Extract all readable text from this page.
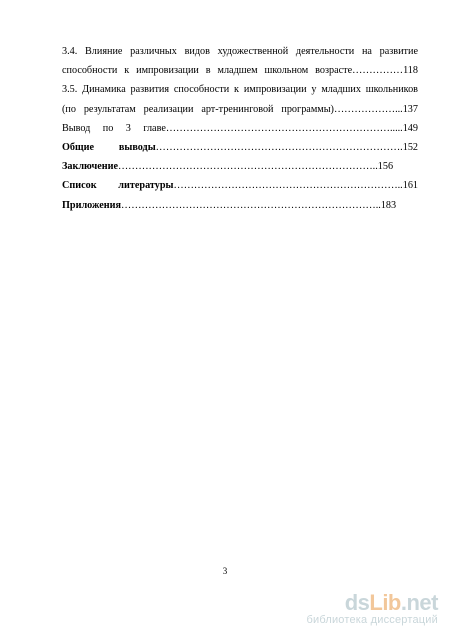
3.4. Влияние различных видов художественной деятельности на развитие
способности к импровизации в младшем школьном возрасте……………118
3.5. Динамика развития способности к импровизации у младших школьников
(по результатам реализации арт-тренинговой программы)………………...137
Вывод по 3 главе………………………………………………………….....149
Общие выводы……………………………………………………………….152
Заключение…………………………………………………………………..156
Список литературы…………………………………………………………..161
Приложения…………………………………………………………………..183
3
dsLib.net
библиотека диссертаций
